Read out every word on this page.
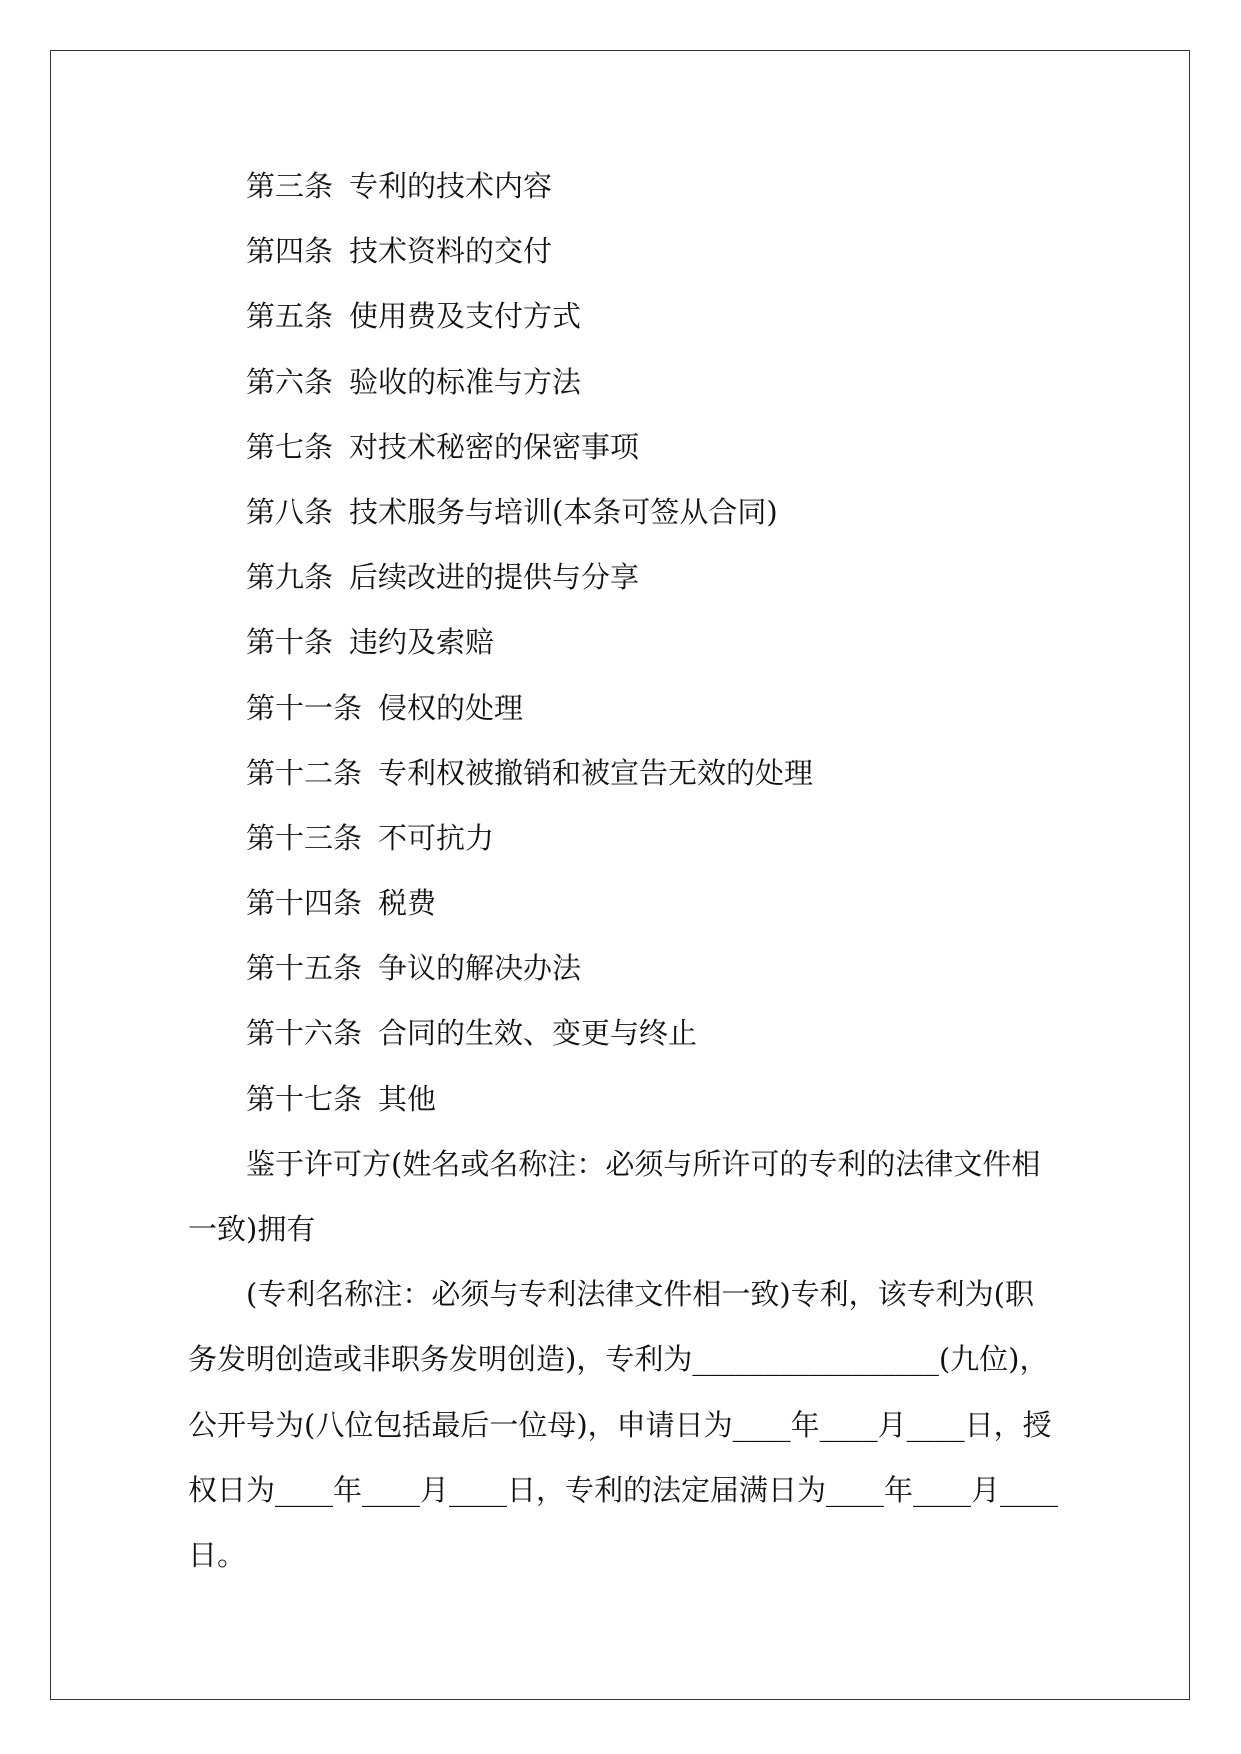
第三条 专利的技术内容
第四条 技术资料的交付
第五条 使用费及支付方式
第六条 验收的标准与方法
第七条 对技术秘密的保密事项
第八条 技术服务与培训(本条可签从合同)
第九条 后续改进的提供与分享
第十条 违约及索赔
第十一条 侵权的处理
第十二条 专利权被撤销和被宣告无效的处理
第十三条 不可抗力
第十四条 税费
第十五条 争议的解决办法
第十六条 合同的生效、变更与终止
第十七条 其他

鉴于许可方(姓名或名称注：必须与所许可的专利的法律文件相
一致)拥有

(专利名称注：必须与专利法律文件相一致)专利，该专利为(职
务发明创造或非职务发明创造)，专利为_________________(九位)，
公开号为(八位包括最后一位母)，申请日为____年____月____日，授
权日为____年____月____日，专利的法定届满日为____年____月____
日。
